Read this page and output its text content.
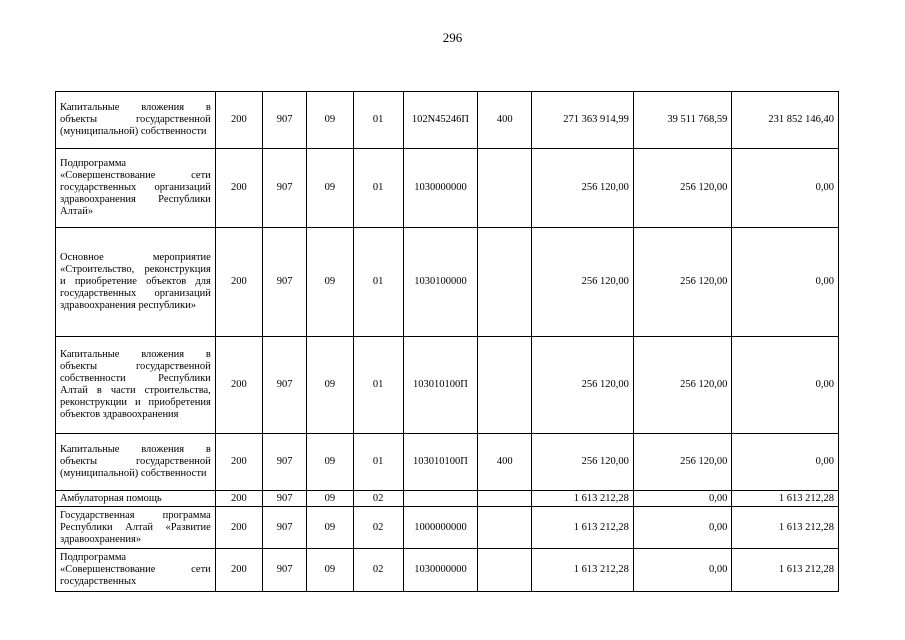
296
Капитальные вложения в объекты государственной (муниципальной) собственности	200	907	09	01	102N45246П	400	271 363 914,99	39 511 768,59	231 852 146,40
Подпрограмма «Совершенствование сети государственных организаций здравоохранения Республики Алтай»	200	907	09	01	1030000000		256 120,00	256 120,00	0,00
Основное мероприятие «Строительство, реконструкция и приобретение объектов для государственных организаций здравоохранения республики»	200	907	09	01	1030100000		256 120,00	256 120,00	0,00
Капитальные вложения в объекты государственной собственности Республики Алтай в части строительства, реконструкции и приобретения объектов здравоохранения	200	907	09	01	103010100П		256 120,00	256 120,00	0,00
Капитальные вложения в объекты государственной (муниципальной) собственности	200	907	09	01	103010100П	400	256 120,00	256 120,00	0,00
Амбулаторная помощь	200	907	09	02			1 613 212,28	0,00	1 613 212,28
Государственная программа Республики Алтай «Развитие здравоохранения»	200	907	09	02	1000000000		1 613 212,28	0,00	1 613 212,28
Подпрограмма «Совершенствование сети государственных	200	907	09	02	1030000000		1 613 212,28	0,00	1 613 212,28
